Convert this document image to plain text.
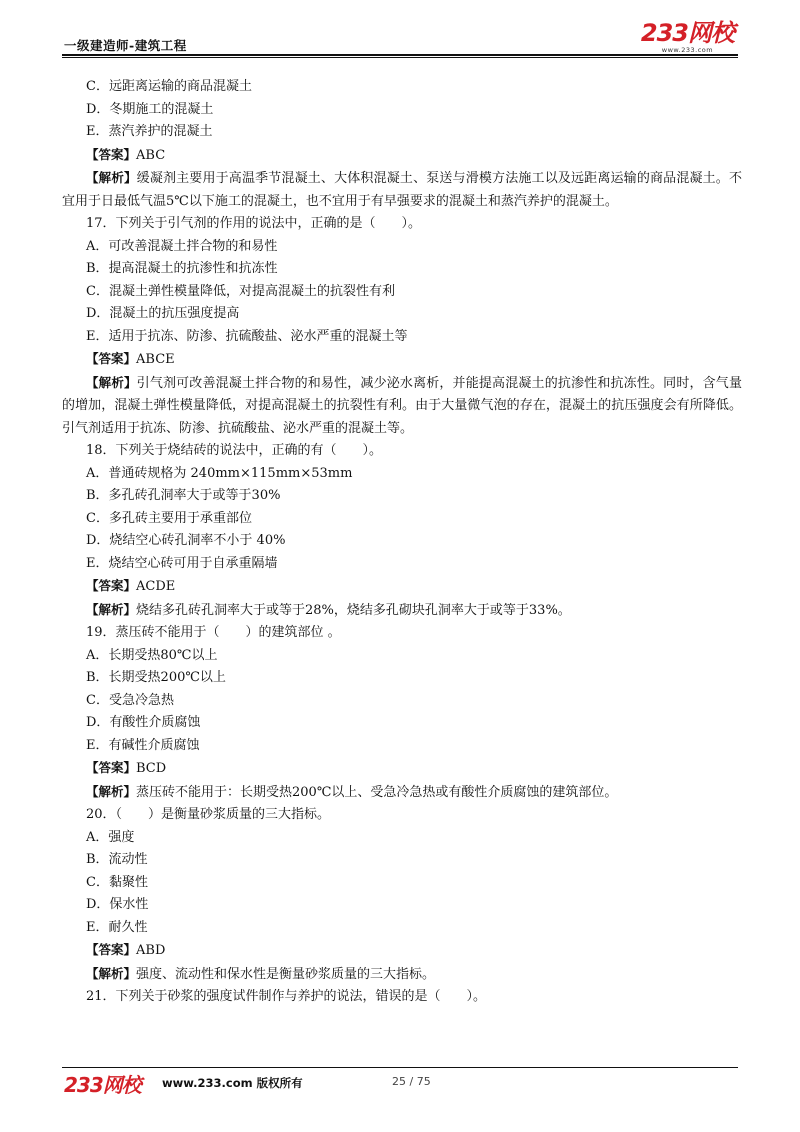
一级建造师-建筑工程	233网校
www.233.com
C．远距离运输的商品混凝土
D．冬期施工的混凝土
E．蒸汽养护的混凝土
【答案】ABC
【解析】缓凝剂主要用于高温季节混凝土、大体积混凝土、泵送与滑模方法施工以及远距离运输的商品混凝土。不宜用于日最低气温5℃以下施工的混凝土，也不宜用于有早强要求的混凝土和蒸汽养护的混凝土。
17．下列关于引气剂的作用的说法中，正确的是（　　）。
A．可改善混凝土拌合物的和易性
B．提高混凝土的抗渗性和抗冻性
C．混凝土弹性模量降低，对提高混凝土的抗裂性有利
D．混凝土的抗压强度提高
E．适用于抗冻、防渗、抗硫酸盐、泌水严重的混凝土等
【答案】ABCE
【解析】引气剂可改善混凝土拌合物的和易性，减少泌水离析，并能提高混凝土的抗渗性和抗冻性。同时，含气量的增加，混凝土弹性模量降低，对提高混凝土的抗裂性有利。由于大量微气泡的存在，混凝土的抗压强度会有所降低。引气剂适用于抗冻、防渗、抗硫酸盐、泌水严重的混凝土等。
18．下列关于烧结砖的说法中，正确的有（　　）。
A．普通砖规格为 240mm×115mm×53mm
B．多孔砖孔洞率大于或等于30%
C．多孔砖主要用于承重部位
D．烧结空心砖孔洞率不小于 40%
E．烧结空心砖可用于自承重隔墙
【答案】ACDE
【解析】烧结多孔砖孔洞率大于或等于28%，烧结多孔砌块孔洞率大于或等于33%。
19．蒸压砖不能用于（　　）的建筑部位 。
A．长期受热80℃以上
B．长期受热200℃以上
C．受急冷急热
D．有酸性介质腐蚀
E．有碱性介质腐蚀
【答案】BCD
【解析】蒸压砖不能用于：长期受热200℃以上、受急冷急热或有酸性介质腐蚀的建筑部位。
20．（　　）是衡量砂浆质量的三大指标。
A．强度
B．流动性
C．黏聚性
D．保水性
E．耐久性
【答案】ABD
【解析】强度、流动性和保水性是衡量砂浆质量的三大指标。
21．下列关于砂浆的强度试件制作与养护的说法，错误的是（　　）。
233网校 www.233.com 版权所有	25 / 75
